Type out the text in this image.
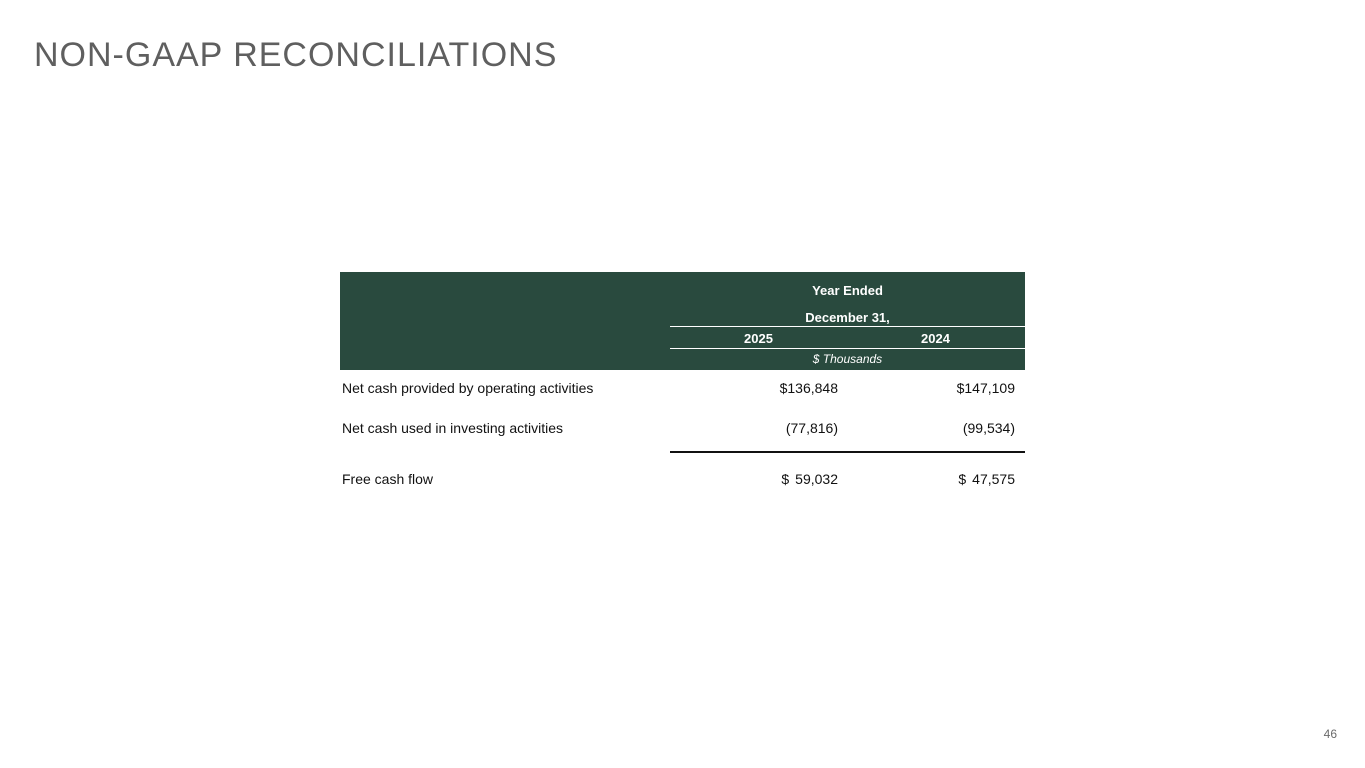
NON-GAAP RECONCILIATIONS
Year Ended
December 31,
2025	2024
$ Thousands
Net cash provided by operating activities	$136,848	$147,109
Net cash used in investing activities	(77,816)	(99,534)
Free cash flow	$ 59,032	$ 47,575
46
